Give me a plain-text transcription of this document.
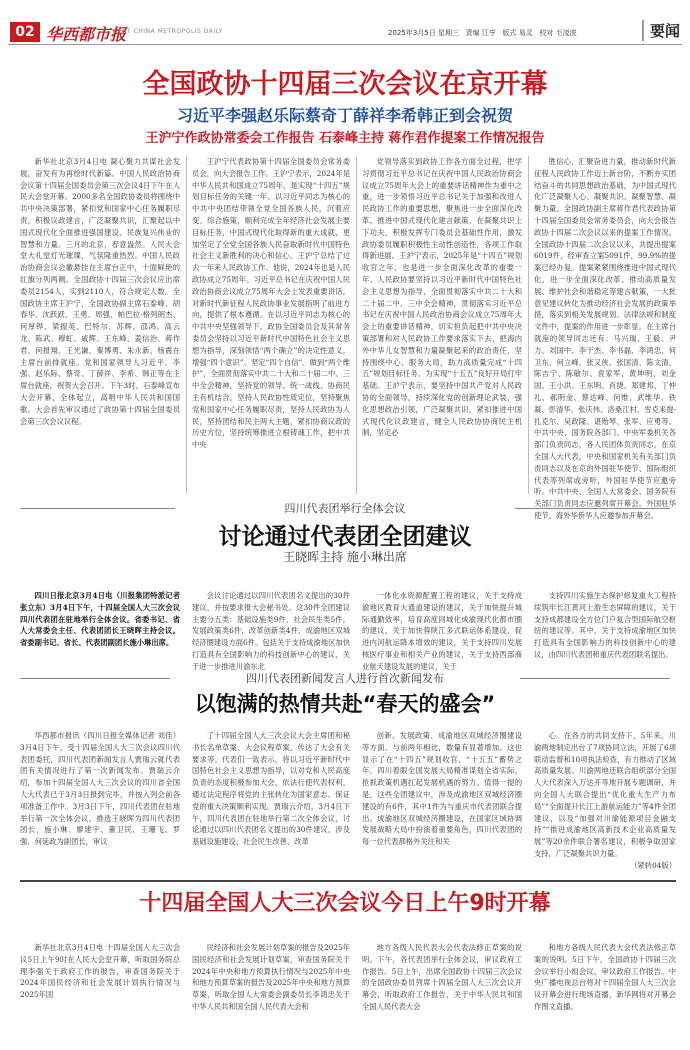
02 华西都市报
WEST CHINA METROPOLIS DAILY	2025年3月5日 星期三   责编 江亨   版式 易灵   校对 毛凌波	要闻
全国政协十四届三次会议在京开幕
习近平李强赵乐际蔡奇丁薛祥李希韩正到会祝贺
王沪宁作政协常委会工作报告 石泰峰主持 蒋作君作提案工作情况报告

新华社北京3月4日电 凝心聚力共谋社会发展，奋发有为再绘时代新篇。中国人民政治协商会议第十四届全国委员会第三次会议4日下午在人民大会堂开幕。2000多名全国政协委员将围绕中共中央决策部署，紧扣党和国家中心任务履职尽责，积极议政建言，广泛凝聚共识，汇聚起以中国式现代化全面推进强国建设、民族复兴伟业的智慧和力量。三月的北京，春意盎然。人民大会堂大礼堂灯光璀璨，气氛隆重热烈。中国人民政治协商会议会徽悬挂在主席台正中，十面鲜艳的红旗分列两侧。全国政协十四届三次会议应出席委员2154人，实到2110人，符合规定人数。全国政协主席王沪宁，全国政协副主席石泰峰、胡春华、沈跃跃、王勇、周强、帕巴拉·格列朗杰、何厚铧、梁振英、巴特尔、苏辉、邵鸿、高云龙、陈武、穆虹、咸辉、王东峰、姜信治、蒋作君、何报翔、王光谦、秦博勇、朱永新、杨震在主席台前排就座。党和国家领导人习近平、李强、赵乐际、蔡奇、丁薛祥、李希、韩正等在主席台就座，祝贺大会召开。下午3时，石泰峰宣布大会开幕，全体起立，高唱中华人民共和国国歌。大会首先审议通过了政协第十四届全国委员会第三次会议议程。

王沪宁代表政协第十四届全国委员会常务委员会，向大会报告工作。王沪宁表示，2024年是中华人民共和国成立75周年，是实现“十四五”规划目标任务的关键一年。以习近平同志为核心的中共中央团结带领全党全国各族人民，沉着应变、综合施策，顺利完成全年经济社会发展主要目标任务，中国式现代化取得新的重大成就，更加坚定了全党全国各族人民奋取新时代中国特色社会主义新胜利的决心和信心。王沪宁总结了过去一年来人民政协工作。他说，2024年也是人民政协成立75周年。习近平总书记在庆祝中国人民政治协商会议成立75周年大会上发表重要讲话，对新时代新征程人民政协事业发展指明了前进方向，提供了根本遵循。在以习近平同志为核心的中共中央坚强领导下，政协全国委员会及其常务委员会坚持以习近平新时代中国特色社会主义思想为指导，深刻领悟“两个确立”的决定性意义，增强“四个意识”、坚定“四个自信”、做到“两个维护”，全面贯彻落实中共二十大和二十届二中、三中全会精神，坚持党的领导、统一战线、协商民主有机结合，坚持人民政协性质定位，坚持聚焦党和国家中心任务履职尽责，坚持人民政协为人民，坚持团结和民主两大主题，紧扣协商议政的历史方位，坚持统筹推进立根铸魂工作，把中共中央

党领导落实到政协工作各方面全过程，把学习贯彻习近平总书记在庆祝中国人民政治协商会议成立75周年大会上的重要讲话精神作为重中之重，进一步领悟习近平总书记关于加强和改进人民政协工作的重要思想，聚焦进一步全面深化改革、推进中国式现代化建言献策，在凝聚共识上下功夫，积极发挥专门委员会基础性作用，激发政协委员履职积极性主动性创造性，各项工作取得新进展。王沪宁表示，2025年是“十四五”规划收官之年，也是进一步全面深化改革的重要一年。人民政协要坚持以习近平新时代中国特色社会主义思想为指导，全面贯彻落实中共二十大和二十届二中、三中全会精神，贯彻落实习近平总书记在庆祝中国人民政治协商会议成立75周年大会上的重要讲话精神，切实担负起把中共中央决策部署和对人民政协工作要求落实下去、把海内外中华儿女智慧和力量凝聚起来的政治责任，坚持围绕中心、服务大局，助力高质量完成“十四五”规划目标任务、为实现“十五五”良好开局打牢基础。王沪宁表示，要坚持中国共产党对人民政协的全面领导，持续深化党的创新理论武装，强化思想政治引领，广泛凝聚共识，紧扣推进中国式现代化议政建言，健全人民政协协商民主机制，坚定必

胜信心，汇聚奋进力量，推动新时代新征程人民政协工作迈上新台阶，不断夯实团结奋斗的共同思想政治基础，为中国式现代化广泛凝聚人心、凝聚共识、凝聚智慧、凝聚力量。全国政协副主席蒋作君代表政协第十四届全国委员会常务委员会，向大会报告政协十四届二次会议以来的提案工作情况。全国政协十四届二次会议以来，共提出提案6019件，经审查立案5091件，99.9%的提案已经办复。提案紧紧围绕推进中国式现代化，进一步全面深化改革、推动高质量发展、维护社会和谐稳定等建言献策，一大批意见建议转化为推动经济社会发展的政策举措，落实到相关发展规划、法律法规和制度文件中，提案的作用进一步彰显。在主席台就座的领导同志还有：马兴瑞、王毅、尹力、刘国中、李干杰、李书磊、李鸿忠、何卫东、何立峰、张又侠、张国清、陈文清、陈吉宁、陈敏尔、袁家军、黄坤明、刘金国、王小洪、王东明、肖捷、郑建邦、丁仲礼、郝明金、蔡达峰、何维、武维华、铁凝、彭清华、张庆伟、洛桑江村、雪克来提·扎克尔、吴政隆、谌贻琴、张军、应勇等。中共中央、国务院各部门、中央军委机关各部门负责同志，各人民团体负责同志，在京全国人大代表，中央和国家机关有关部门负责同志以及在京的外国驻华使节、国际组织代表等列席或旁听，外国驻华使节应邀旁听。中共中央、全国人大常委会、国务院有关部门负责同志应邀列席开幕会。外国驻华使节、海外华侨华人应邀参加开幕会。

四川代表团举行全体会议
讨论通过代表团全团建议
王晓晖主持 施小琳出席

四川日报北京3月4日电（川报集团特派记者 张立东）3月4日下午，十四届全国人大三次会议四川代表团在驻地举行全体会议。省委书记、省人大常委会主任、代表团团长王晓晖主持会议。省委副书记、省长、代表团副团长施小琳出席。

会议讨论通过以四川代表团名义提出的30件建议，并按要求报大会秘书处。这30件全团建议主要分五类：基础设施类9件，社会民生类5件，发展政策类6件，改革创新类4件，成渝地区双城经济圈建设方面6件。包括关于支持成渝地区加快打造具有全国影响力的科技创新中心的建议，关于进一步推进川渝东北

一体化水资源配置工程的建议，关于支持成渝地区教育大通道建设的建议，关于加快提升城际通勤效率，培育高度同城化成渝现代化都市圈的建议，关于加快蓉陕江多式联运体系建设、促进内河航运降本增效的建议，关于支持四川发展核医疗事业和相关产业的建议，关于支持西部商业航天建设发展的建议，关于

支持四川实施生态保护修复重大工程持续筑牢长江黄河上游生态屏障的建议，关于支持成都建设全方位门户复合型国际航空枢纽的建议等。其中，关于支持成渝地区加快打造具有全国影响力的科技创新中心的建议，由四川代表团和重庆代表团联名提出。

四川代表团新闻发言人进行首次新闻发布
以饱满的热情共赴“春天的盛会”

华西都市报讯（四川日报全媒体记者 刘佳）3月4日下午，受十四届全国人大三次会议四川代表团委托，四川代表团新闻发言人贾瑞云就代表团有关情况进行了第一次新闻发布。贾瑞云介绍，参加十四届全国人大三次会议的四川省全国人大代表已于3月3日报到完毕，并按入列会前各项准备工作中。3月3日下午，四川代表团在驻地举行第一次全体会议，推选王晓晖为四川代表团团长，施小琳、廖建宇、董卫民、王珊飞、罗强、何延政为副团长，审议

了十四届全国人大三次会议大会主席团和秘书长名单草案、大会议程草案，传达了大会有关要求等。代表们一致表示，将以习近平新时代中国特色社会主义思想为指导，以对党和人民高度负责的态度积极参加大会，依法行使代表权利，通过法定程序将党的主张转化为国家意志、保证党的重大决策顺利实现。贾瑞云介绍，3月4日下午，四川代表团在驻地举行第二次全体会议，讨论通过以四川代表团名义提出的30件建议，涉及基础设施建设、社会民生改善、改革

创新、发展政策、成渝地区双城经济圈建设等方面。与前两年相比，数量有显著增加。这也显示了在“十四五”规划收官、“十五五”蓄势之年，四川着眼全国发展大局精准谋划全省实际，抢抓政策机遇扛起发展机遇的努力。值得一提的是，这些全团建议中，涉及成渝地区双城经济圈建设的有6件，其中1件为与重庆市代表团联合提出。成渝地区双城经济圈建设，在国家区域协调发展战略大局中扮演着重要角色，四川代表团的每一位代表都格外关注和关

心。在各方的共同支持下，5年来，川渝两地制定出台了7项协同立法，开展了6项联动监督和10项执法检查，有力推动了区域高质量发展。川渝两地还联合组织部分全国人大代表深入万达开等地开展专题调研，并向全国人大联合提出“优化重大生产力布局”“全面提升长江上游航运能力”等4件全团建议，以及“加强对川渝能源项目金融支持”“推进成渝地区高新技术企业高质量发展”等20余件联合署名建议，积极争取国家支持，广泛凝聚共识力量。

（紧转04版）
十四届全国人大三次会议今日上午9时开幕

新华社北京3月4日电 十四届全国人大三次会议5日上午9时在人民大会堂开幕，听取国务院总理李强关于政府工作的报告，审查国务院关于2024年国民经济和社会发展计划执行情况与2025年国

民经济和社会发展计划草案的报告及2025年国民经济和社会发展计划草案，审查国务院关于2024年中央和地方预算执行情况与2025年中央和地方预算草案的报告及2025年中央和地方预算草案，听取全国人大常委会副委员长李鸿忠关于中华人民共和国全国人民代表大会和

地方各级人民代表大会代表法修正草案的说明。下午，各代表团举行全体会议，审议政府工作报告。5日上午，出席全国政协十四届三次会议的全国政协委员列席十四届全国人大三次会议开幕会，听取政府工作报告、关于中华人民共和国全国人民代表大会

和地方各级人民代表大会代表法修正草案的说明。5日下午，全国政协十四届三次会议举行小组会议，审议政府工作报告。中央广播电视总台将对十四届全国人大三次会议开幕会进行现场直播，新华网将对开幕会作图文直播。
